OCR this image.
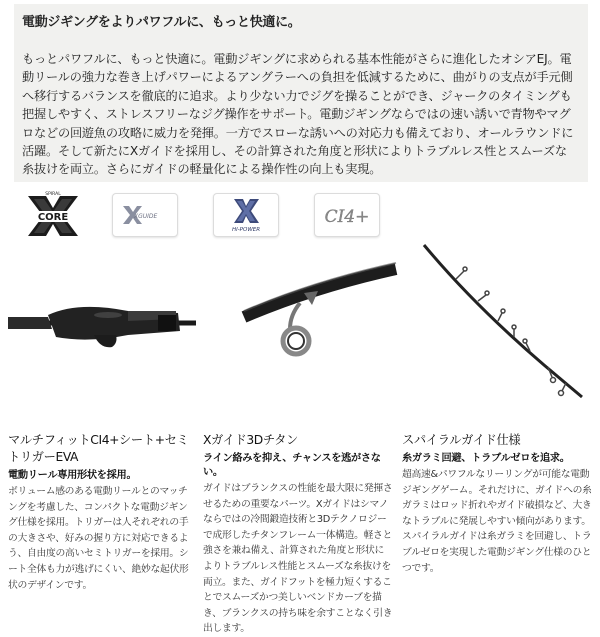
電動ジギングをよりパワフルに、もっと快適に。
もっとパワフルに、もっと快適に。電動ジギングに求められる基本性能がさらに進化したオシアEJ。電動リールの強力な巻き上げパワーによるアングラーへの負担を低減するために、曲がりの支点が手元側へ移行するバランスを徹底的に追求。より少ない力でジグを操ることができ、ジャークのタイミングも把握しやすく、ストレスフリーなジグ操作をサポート。電動ジギングならではの速い誘いで青物やマグロなどの回遊魚の攻略に威力を発揮。一方でスローな誘いへの対応力も備えており、オールラウンドに活躍。そして新たにXガイドを採用し、その計算された角度と形状によりトラブルレス性とスムーズな糸抜けを両立。さらにガイドの軽量化による操作性の向上も実現。
CORE
SPIRAL
XGUIDE
HI-POWER
CI4+
マルチフィットCI4+シート+セミトリガーEVA
電動リール専用形状を採用。
ボリューム感のある電動リールとのマッチングを考慮した、コンパクトな電動ジギング仕様を採用。トリガーは人それぞれの手の大きさや、好みの握り方に対応できるよう、自由度の高いセミトリガーを採用。シート全体も力が逃げにくい、絶妙な起伏形状のデザインです。
Xガイド3Dチタン
ライン絡みを抑え、チャンスを逃がさない。
ガイドはブランクスの性能を最大限に発揮させるための重要なパーツ。Xガイドはシマノならではの冷間鍛造技術と3Dテクノロジーで成形したチタンフレーム一体構造。軽さと強さを兼ね備え、計算された角度と形状によりトラブルレス性能とスムーズな糸抜けを両立。また、ガイドフットを極力短くすることでスムーズかつ美しいベンドカーブを描き、ブランクスの持ち味を余すことなく引き出します。
スパイラルガイド仕様
糸ガラミ回避、トラブルゼロを追求。
超高速&パワフルなリーリングが可能な電動ジギングゲーム。それだけに、ガイドへの糸ガラミはロッド折れやガイド破損など、大きなトラブルに発展しやすい傾向があります。スパイラルガイドは糸ガラミを回避し、トラブルゼロを実現した電動ジギング仕様のひとつです。
